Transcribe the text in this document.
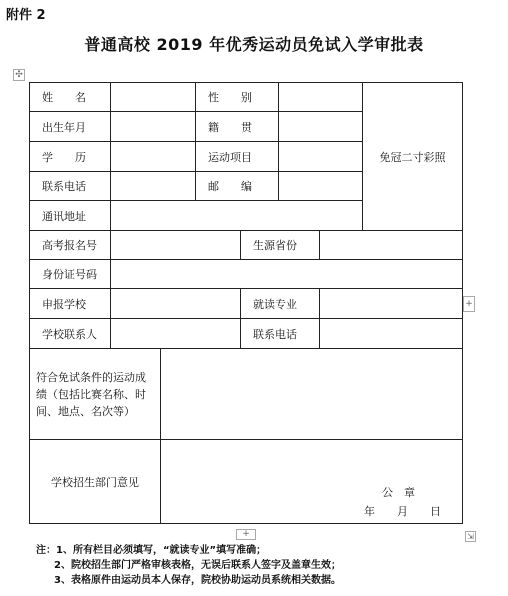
附件 2
普通高校 2019 年优秀运动员免试入学审批表
✣
姓　　名	性　　别
免冠二寸彩照
出生年月	籍　　贯
学　　历	运动项目
联系电话	邮　　编
通讯地址
高考报名号	生源省份
身份证号码
申报学校	就读专业
学校联系人	联系电话
符合免试条件的运动成绩（包括比赛名称、时间、地点、名次等）
学校招生部门意见
公　章
年　　月　　日
+
+	⇲
注：1、所有栏目必须填写，“就读专业”填写准确；
2、院校招生部门严格审核表格，无误后联系人签字及盖章生效；
3、表格原件由运动员本人保存，院校协助运动员系统相关数据。
